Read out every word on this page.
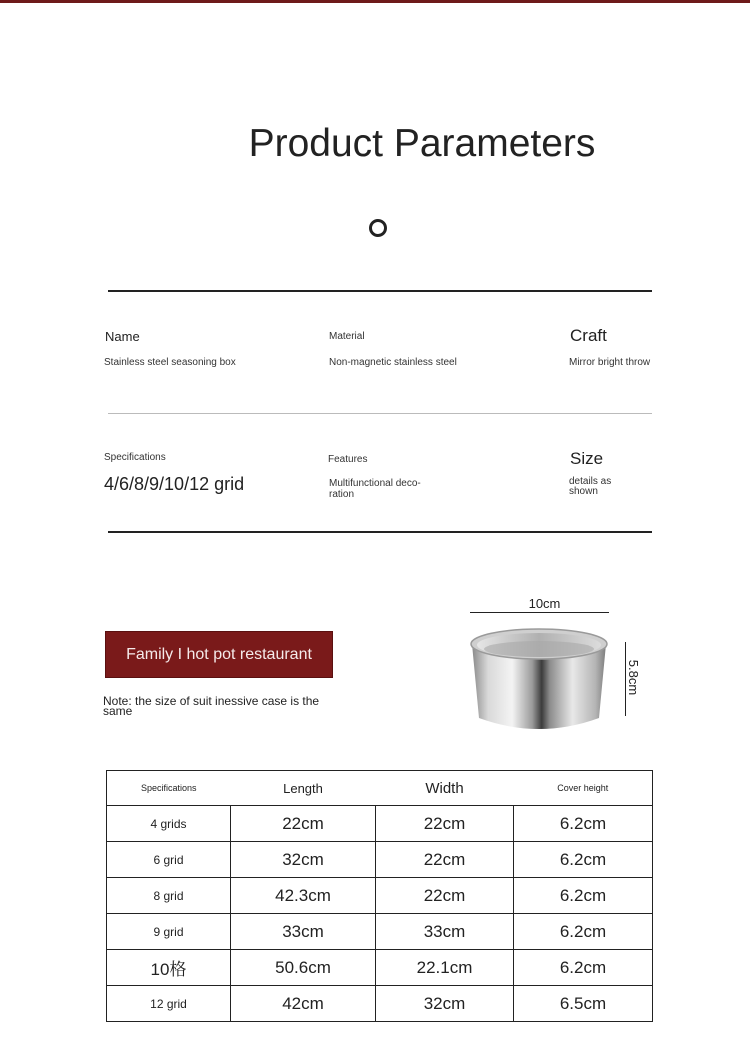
Product Parameters
Name
Stainless steel seasoning box
Material
Non-magnetic stainless steel
Craft
Mirror bright throw
Specifications
4/6/8/9/10/12 grid
Features
Multifunctional deco-
ration
Size
details as
shown
Family I hot pot restaurant
Note: the size of suit inessive case is the
same
10cm
5.8cm
Specifications	Length	Width	Cover height
4 grids	22cm	22cm	6.2cm
6 grid	32cm	22cm	6.2cm
8 grid	42.3cm	22cm	6.2cm
9 grid	33cm	33cm	6.2cm
10格	50.6cm	22.1cm	6.2cm
12 grid	42cm	32cm	6.5cm
